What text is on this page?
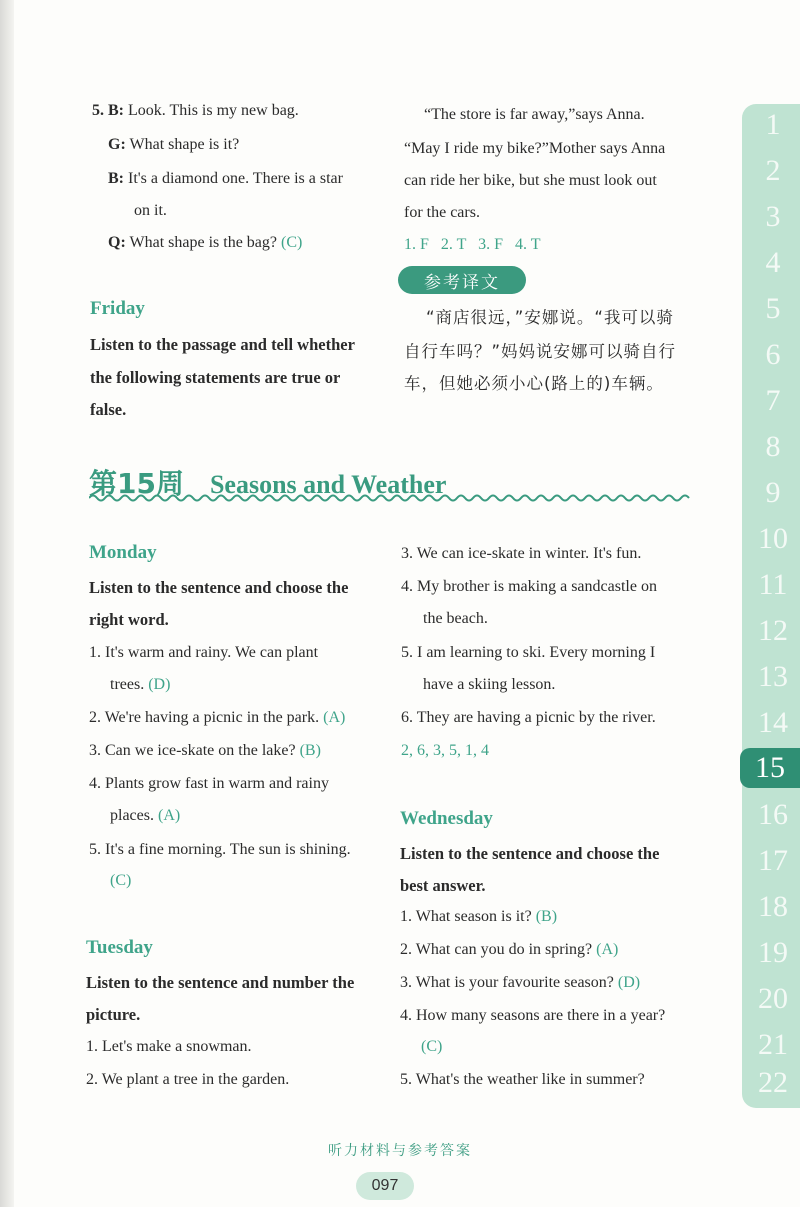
5. B: Look. This is my new bag.
G: What shape is it?
B: It's a diamond one. There is a star
on it.
Q: What shape is the bag? (C)
Friday
Listen to the passage and tell whether
the following statements are true or
false.
“The store is far away,”says Anna.
“May I ride my bike?”Mother says Anna
can ride her bike, but she must look out
for the cars.
1. F   2. T   3. F   4. T
参考译文
“商店很远，”安娜说。“我可以骑
自行车吗？”妈妈说安娜可以骑自行
车，但她必须小心(路上的)车辆。
第15周 Seasons and Weather
Monday
Listen to the sentence and choose the
right word.
1. It's warm and rainy. We can plant
trees. (D)
2. We're having a picnic in the park. (A)
3. Can we ice-skate on the lake? (B)
4. Plants grow fast in warm and rainy
places. (A)
5. It's a fine morning. The sun is shining.
(C)
Tuesday
Listen to the sentence and number the
picture.
1. Let's make a snowman.
2. We plant a tree in the garden.
3. We can ice-skate in winter. It's fun.
4. My brother is making a sandcastle on
the beach.
5. I am learning to ski. Every morning I
have a skiing lesson.
6. They are having a picnic by the river.
2, 6, 3, 5, 1, 4
Wednesday
Listen to the sentence and choose the
best answer.
1. What season is it? (B)
2. What can you do in spring? (A)
3. What is your favourite season? (D)
4. How many seasons are there in a year?
(C)
5. What's the weather like in summer?
1
2
3
4
5
6
7
8
9
10
11
12
13
14
15
16
17
18
19
20
21
22
听力材料与参考答案
097
